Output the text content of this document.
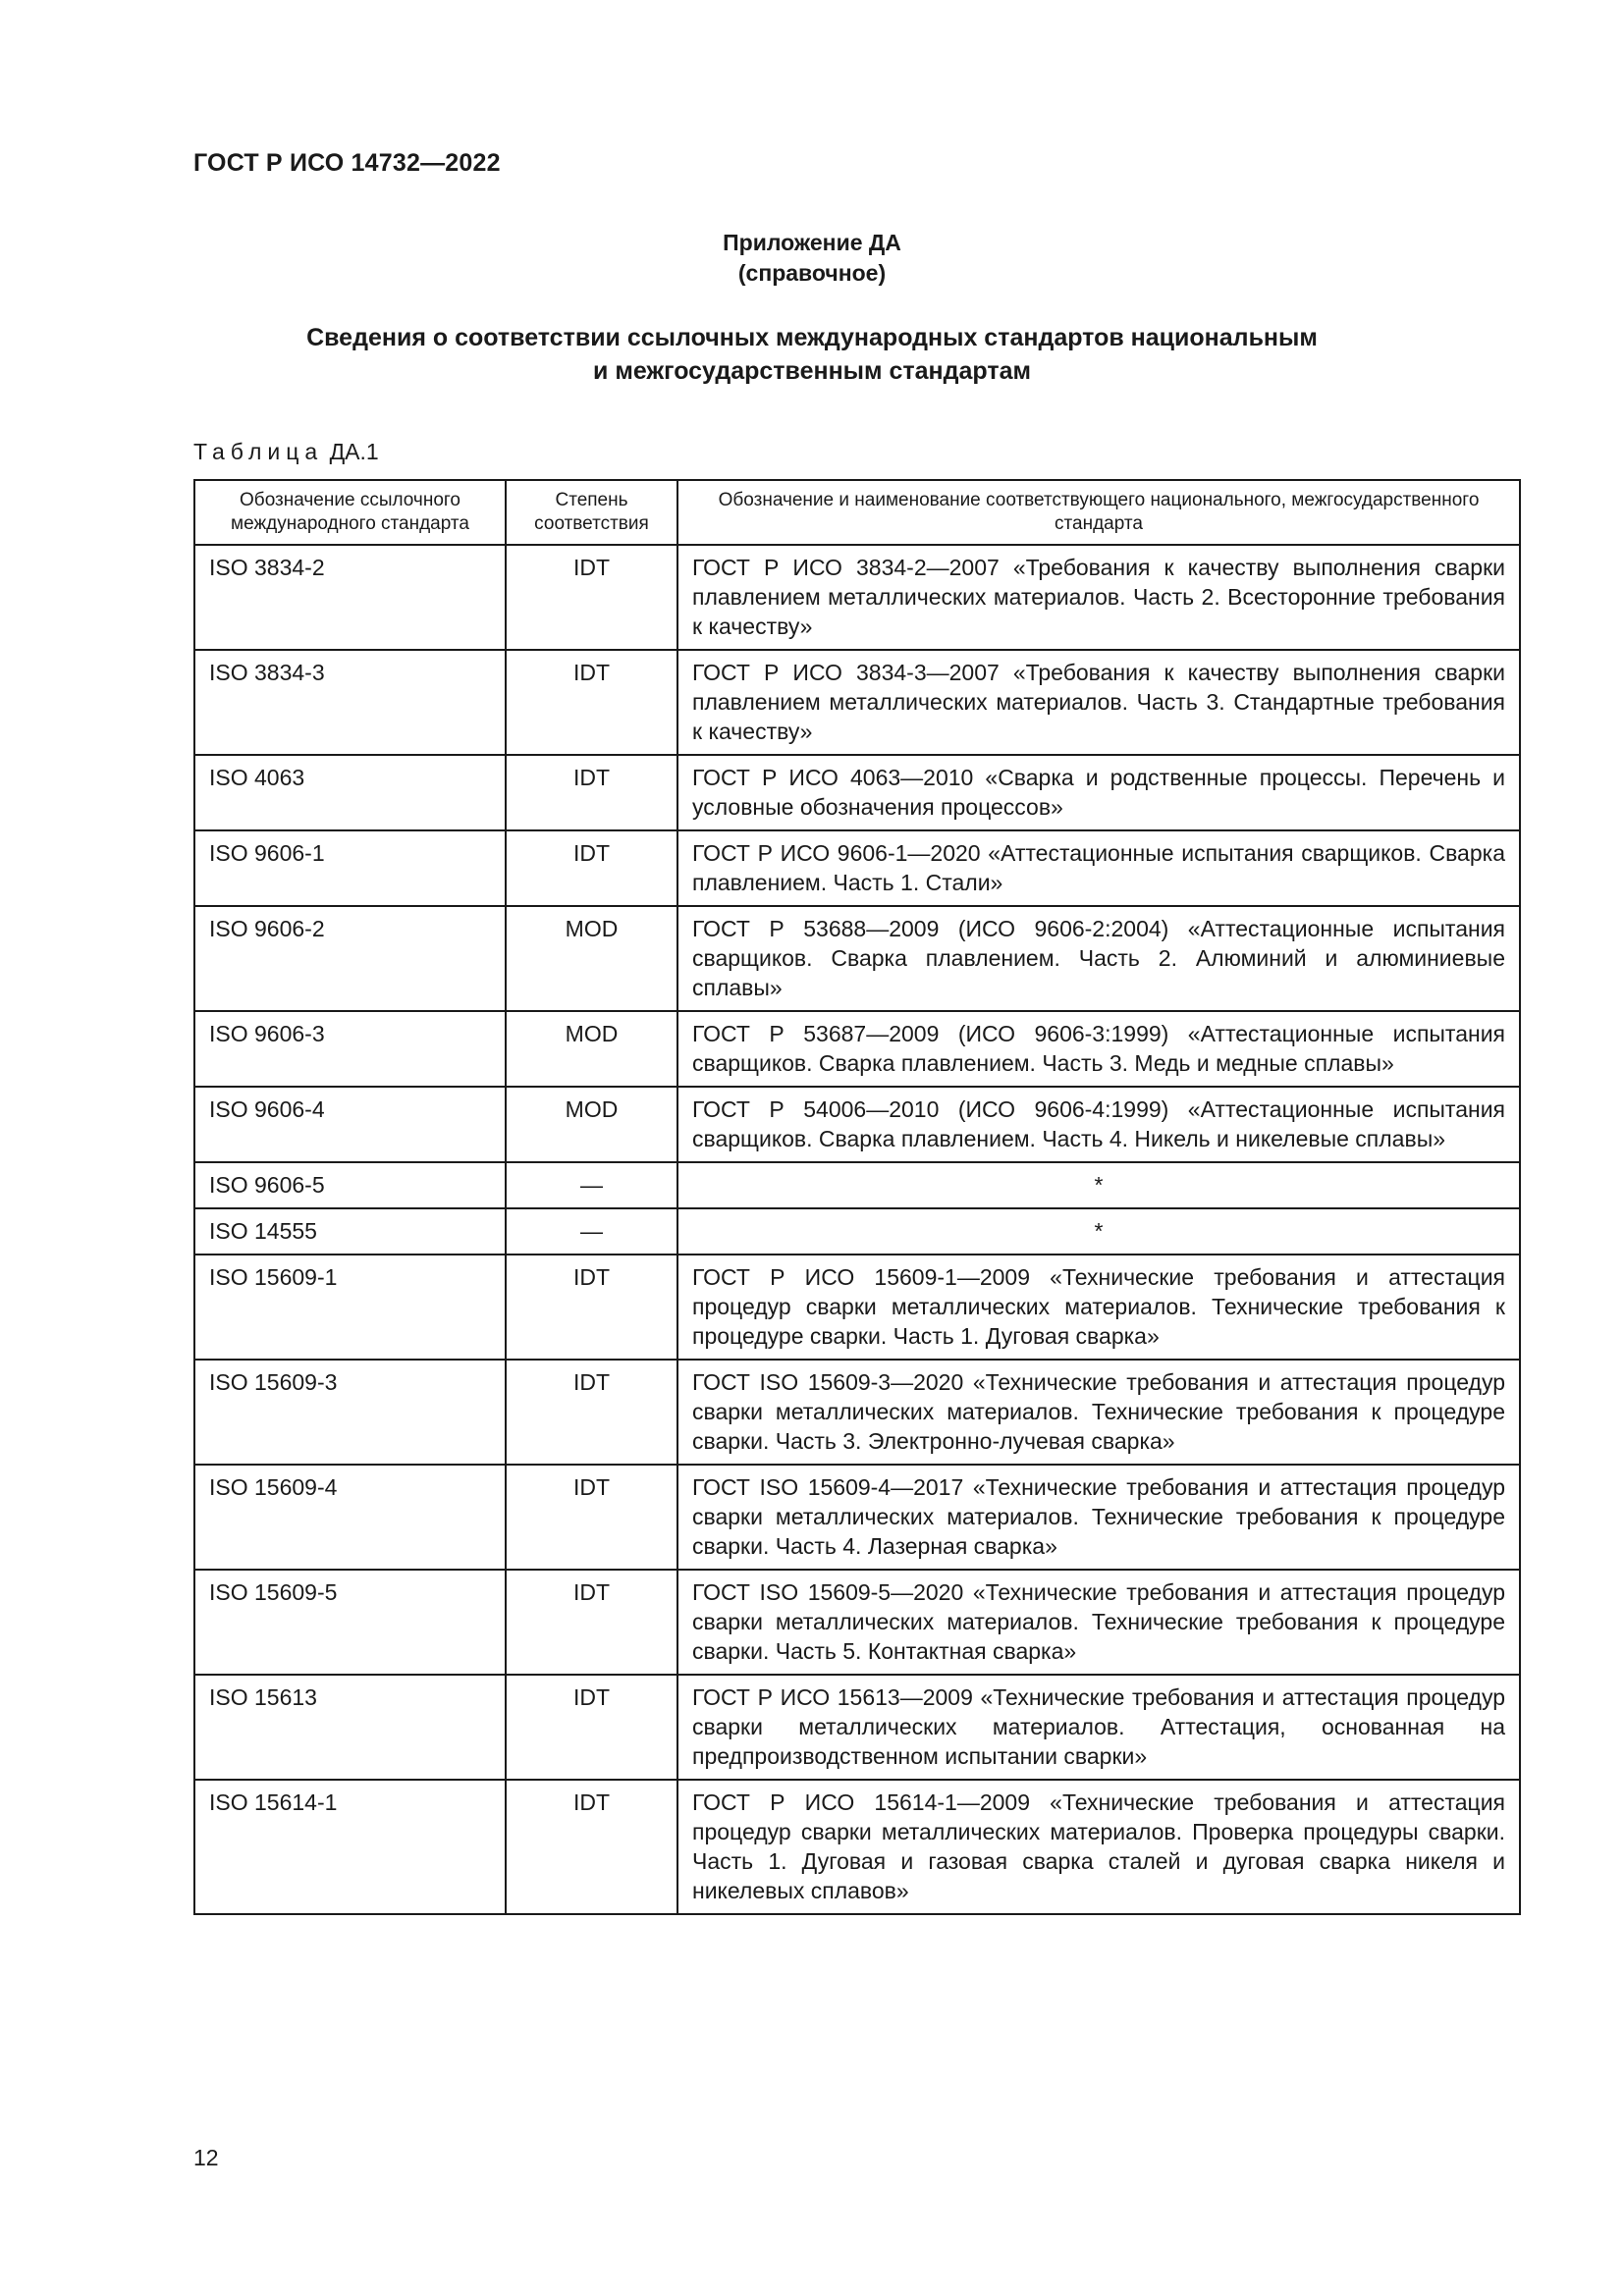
ГОСТ Р ИСО 14732—2022
Приложение ДА
(справочное)
Сведения о соответствии ссылочных международных стандартов национальным
и межгосударственным стандартам
Таблица ДА.1
Обозначение ссылочного международного стандарта	Степень соответствия	Обозначение и наименование соответствующего национального, межгосударственного стандарта
ISO 3834-2	IDT	ГОСТ Р ИСО 3834-2—2007 «Требования к качеству выполнения сварки плавлением металлических материалов. Часть 2. Всесторонние требования к качеству»
ISO 3834-3	IDT	ГОСТ Р ИСО 3834-3—2007 «Требования к качеству выполнения сварки плавлением металлических материалов. Часть 3. Стандартные требования к качеству»
ISO 4063	IDT	ГОСТ Р ИСО 4063—2010 «Сварка и родственные процессы. Перечень и условные обозначения процессов»
ISO 9606-1	IDT	ГОСТ Р ИСО 9606-1—2020 «Аттестационные испытания сварщиков. Сварка плавлением. Часть 1. Стали»
ISO 9606-2	MOD	ГОСТ Р 53688—2009 (ИСО 9606-2:2004) «Аттестационные испытания сварщиков. Сварка плавлением. Часть 2. Алюминий и алюминиевые сплавы»
ISO 9606-3	MOD	ГОСТ Р 53687—2009 (ИСО 9606-3:1999) «Аттестационные испытания сварщиков. Сварка плавлением. Часть 3. Медь и медные сплавы»
ISO 9606-4	MOD	ГОСТ Р 54006—2010 (ИСО 9606-4:1999) «Аттестационные испытания сварщиков. Сварка плавлением. Часть 4. Никель и никелевые сплавы»
ISO 9606-5	—	*
ISO 14555	—	*
ISO 15609-1	IDT	ГОСТ Р ИСО 15609-1—2009 «Технические требования и аттестация процедур сварки металлических материалов. Технические требования к процедуре сварки. Часть 1. Дуговая сварка»
ISO 15609-3	IDT	ГОСТ ISO 15609-3—2020 «Технические требования и аттестация процедур сварки металлических материалов. Технические требования к процедуре сварки. Часть 3. Электронно-лучевая сварка»
ISO 15609-4	IDT	ГОСТ ISO 15609-4—2017 «Технические требования и аттестация процедур сварки металлических материалов. Технические требования к процедуре сварки. Часть 4. Лазерная сварка»
ISO 15609-5	IDT	ГОСТ ISO 15609-5—2020 «Технические требования и аттестация процедур сварки металлических материалов. Технические требования к процедуре сварки. Часть 5. Контактная сварка»
ISO 15613	IDT	ГОСТ Р ИСО 15613—2009 «Технические требования и аттестация процедур сварки металлических материалов. Аттестация, основанная на предпроизводственном испытании сварки»
ISO 15614-1	IDT	ГОСТ Р ИСО 15614-1—2009 «Технические требования и аттестация процедур сварки металлических материалов. Проверка процедуры сварки. Часть 1. Дуговая и газовая сварка сталей и дуговая сварка никеля и никелевых сплавов»
12
